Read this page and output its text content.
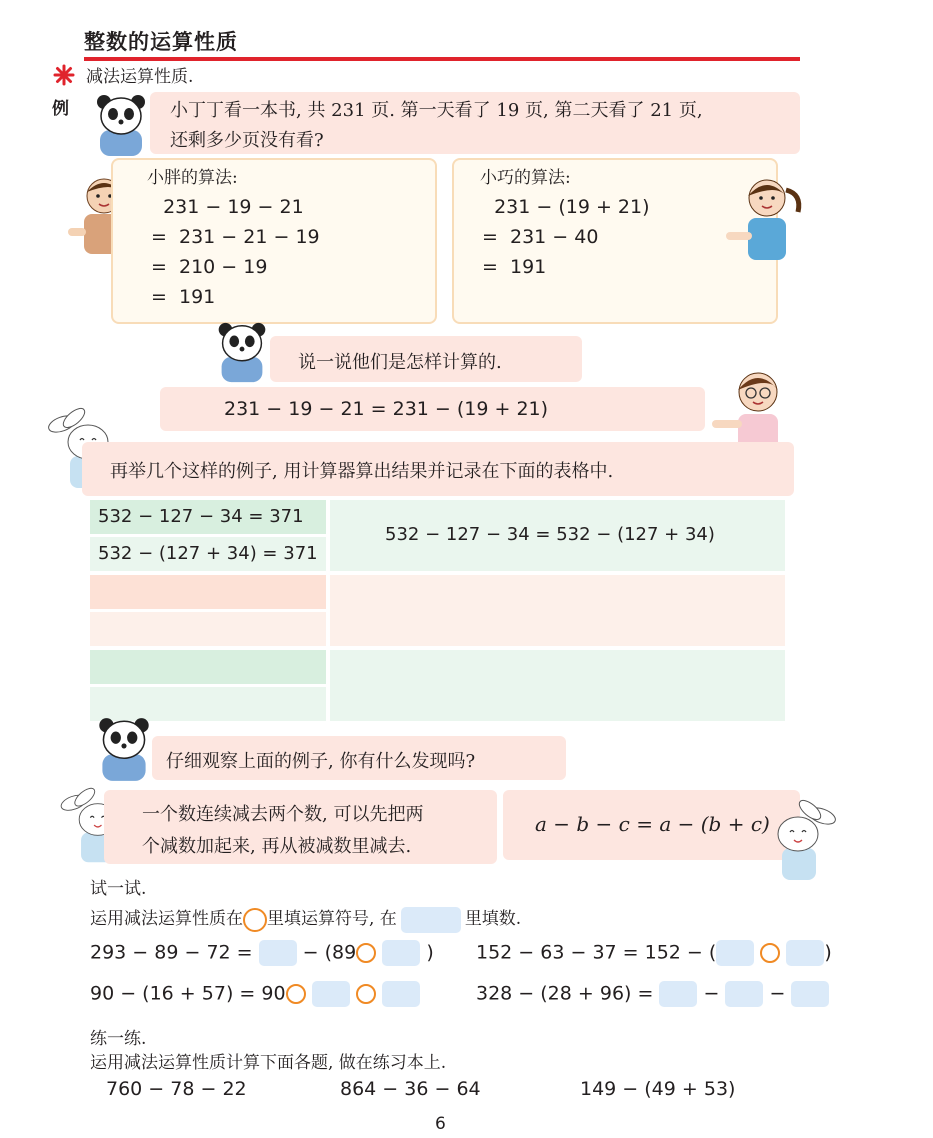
整数的运算性质
减法运算性质.
例	小丁丁看一本书, 共 231 页. 第一天看了 19 页, 第二天看了 21 页,
还剩多少页没有看?
小胖的算法:
231 − 19 − 21
=  231 − 21 − 19
=  210 − 19
=  191
小巧的算法:
231 − (19 + 21)
=  231 − 40
=  191
说一说他们是怎样计算的.
231 − 19 − 21 = 231 − (19 + 21)
再举几个这样的例子, 用计算器算出结果并记录在下面的表格中.
532 − 127 − 34 = 371
532 − (127 + 34) = 371
532 − 127 − 34 = 532 − (127 + 34)
仔细观察上面的例子, 你有什么发现吗?
一个数连续减去两个数, 可以先把两
个减数加起来, 再从被减数里减去.
a − b − c = a − (b + c)
试一试.
运用减法运算性质在 里填运算符号, 在	里填数.
293 − 89 − 72 =	− (89	) 152 − 63 − 37 = 152 − (	)
90 − (16 + 57) = 90	328 − (28 + 96) =	−	−
练一练.
运用减法运算性质计算下面各题, 做在练习本上.
760 − 78 − 22	864 − 36 − 64	149 − (49 + 53)
6
